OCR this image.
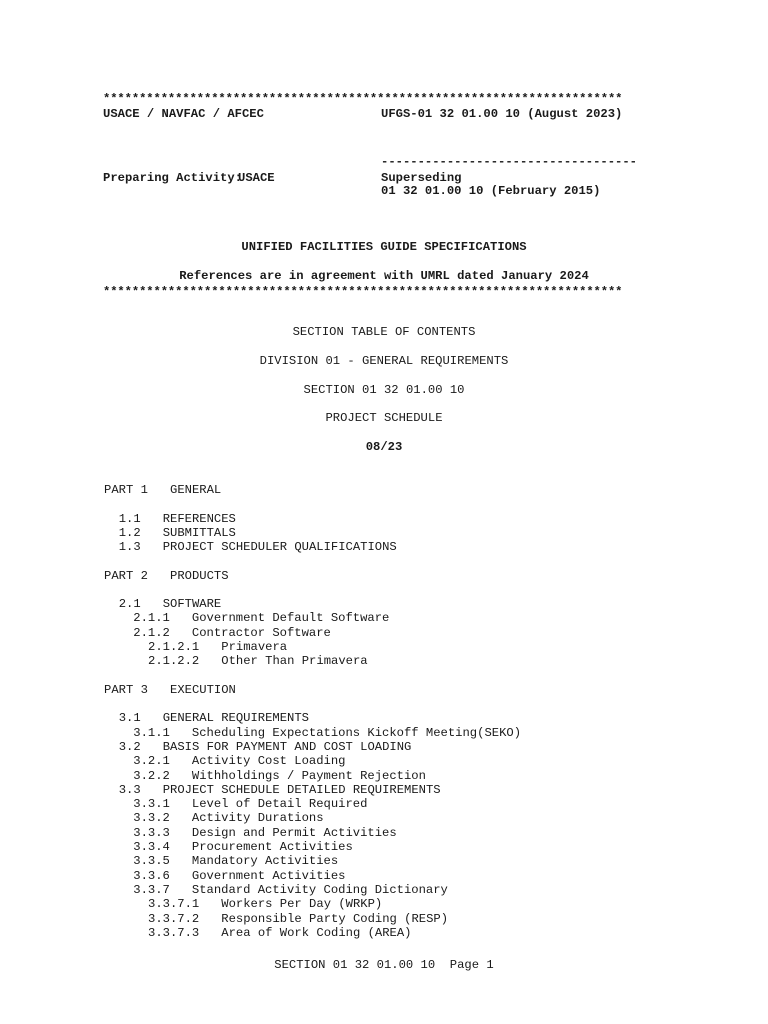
************************************************************************
USACE / NAVFAC / AFCEC	UFGS-01 32 01.00 10 (August 2023)
-----------------------------------
Preparing Activity:
USACE	Superseding
01 32 01.00 10 (February 2015)
UNIFIED FACILITIES GUIDE SPECIFICATIONS
References are in agreement with UMRL dated January 2024
************************************************************************
SECTION TABLE OF CONTENTS
DIVISION 01 - GENERAL REQUIREMENTS
SECTION 01 32 01.00 10
PROJECT SCHEDULE
08/23
PART 1 GENERAL
1.1 REFERENCES
1.2 SUBMITTALS
1.3 PROJECT SCHEDULER QUALIFICATIONS
PART 2 PRODUCTS
2.1 SOFTWARE
2.1.1 Government Default Software
2.1.2 Contractor Software
2.1.2.1 Primavera
2.1.2.2 Other Than Primavera
PART 3 EXECUTION
3.1 GENERAL REQUIREMENTS
3.1.1 Scheduling Expectations Kickoff Meeting(SEKO)
3.2 BASIS FOR PAYMENT AND COST LOADING
3.2.1 Activity Cost Loading
3.2.2 Withholdings / Payment Rejection
3.3 PROJECT SCHEDULE DETAILED REQUIREMENTS
3.3.1 Level of Detail Required
3.3.2 Activity Durations
3.3.3 Design and Permit Activities
3.3.4 Procurement Activities
3.3.5 Mandatory Activities
3.3.6 Government Activities
3.3.7 Standard Activity Coding Dictionary
3.3.7.1 Workers Per Day (WRKP)
3.3.7.2 Responsible Party Coding (RESP)
3.3.7.3 Area of Work Coding (AREA)
SECTION 01 32 01.00 10  Page 1
